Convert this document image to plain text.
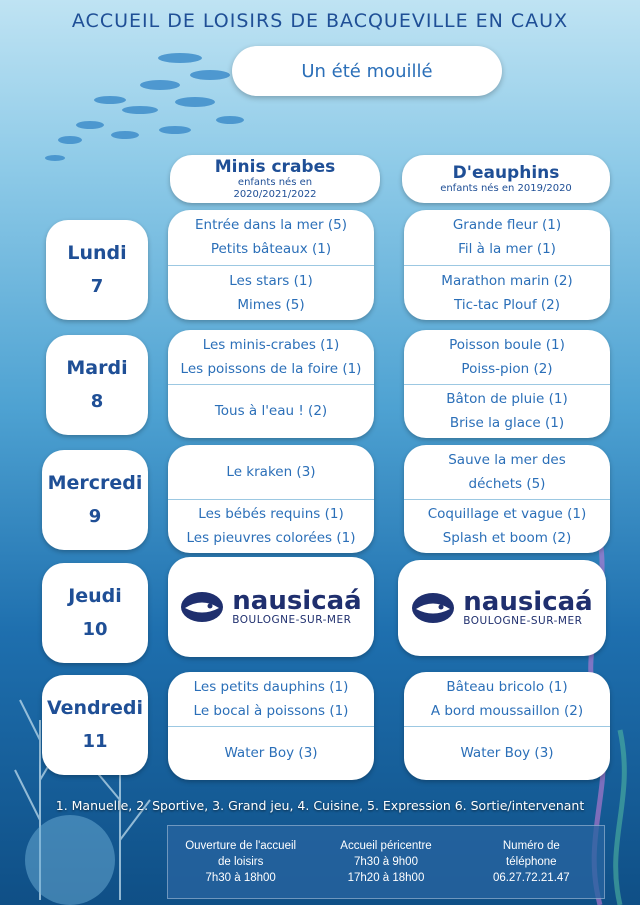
ACCUEIL DE LOISIRS DE BACQUEVILLE EN CAUX
Un été mouillé
Minis crabes
enfants nés en
2020/2021/2022
D'eauphins
enfants nés en 2019/2020
Lundi
7
Entrée dans la mer (5)
Petits bâteaux (1)
Les stars (1)
Mimes (5)
Grande fleur (1)
Fil à la mer (1)
Marathon marin (2)
Tic-tac Plouf (2)
Mardi
8
Les minis-crabes (1)
Les poissons de la foire (1)
Tous à l'eau ! (2)
Poisson boule (1)
Poiss-pion (2)
Bâton de pluie (1)
Brise la glace (1)
Mercredi
9
Le kraken (3)
Les bébés requins (1)
Les pieuvres colorées (1)
Sauve la mer des
déchets (5)
Coquillage et vague (1)
Splash et boom (2)
Jeudi
10
nausicaá
BOULOGNE-SUR-MER
nausicaá
BOULOGNE-SUR-MER
Vendredi
11
Les petits dauphins (1)
Le bocal à poissons (1)
Water Boy (3)
Bâteau bricolo (1)
A bord moussaillon (2)
Water Boy (3)
1. Manuelle, 2. Sportive, 3. Grand jeu, 4. Cuisine, 5. Expression 6. Sortie/intervenant
Ouverture de l'accueil
de loisirs
7h30 à 18h00
Accueil péricentre
7h30 à 9h00
17h20 à 18h00
Numéro de
téléphone
06.27.72.21.47
